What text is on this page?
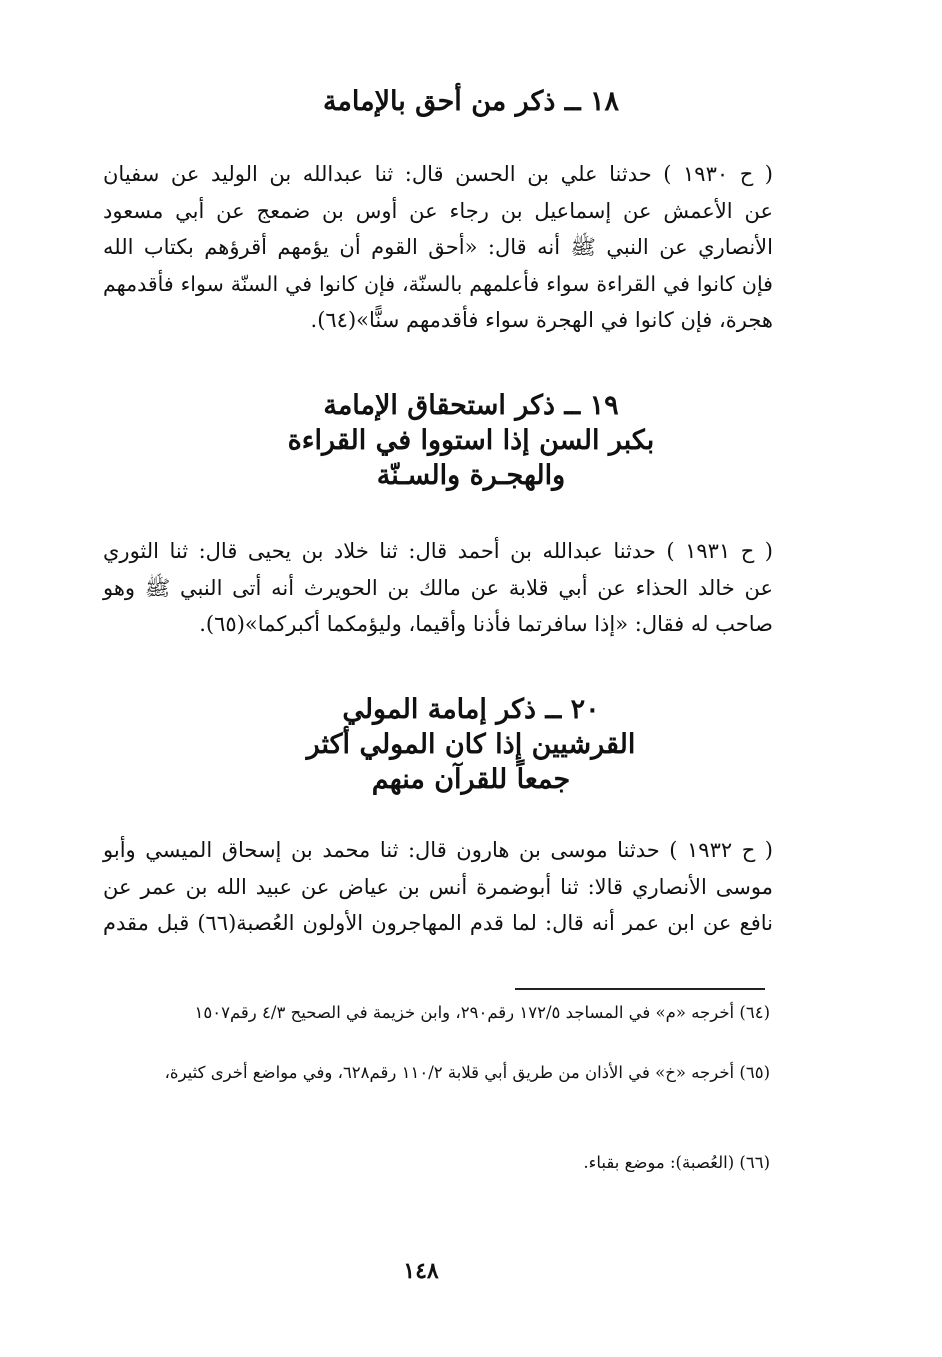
١٨ ــ ذكر من أحق بالإمامة
( ح ١٩٣٠ ) حدثنا علي بن الحسن قال: ثنا عبدالله بن الوليد عن سفيان
عن الأعمش عن إسماعيل بن رجاء عن أوس بن ضمعج عن أبي مسعود
الأنصاري عن النبي ﷺ أنه قال: «أحق القوم أن يؤمهم أقرؤهم بكتاب الله
فإن كانوا في القراءة سواء فأعلمهم بالسنّة، فإن كانوا في السنّة سواء فأقدمهم
هجرة، فإن كانوا في الهجرة سواء فأقدمهم سنًّا»(٦٤).
١٩ ــ ذكر استحقاق الإمامة
بكبر السن إذا استووا في القراءة
والهجـرة والسـنّة
( ح ١٩٣١ ) حدثنا عبدالله بن أحمد قال: ثنا خلاد بن يحيى قال: ثنا الثوري
عن خالد الحذاء عن أبي قلابة عن مالك بن الحويرث أنه أتى النبي ﷺ وهو
صاحب له فقال: «إذا سافرتما فأذنا وأقيما، وليؤمكما أكبركما»(٦٥).
٢٠ ــ ذكر إمامة المولي
القرشيين إذا كان المولي أكثر
جمعاً للقرآن منهم
( ح ١٩٣٢ ) حدثنا موسى بن هارون قال: ثنا محمد بن إسحاق الميسي وأبو
موسى الأنصاري قالا: ثنا أبوضمرة أنس بن عياض عن عبيد الله بن عمر عن
نافع عن ابن عمر أنه قال: لما قدم المهاجرون الأولون العُصبة(٦٦) قبل مقدم
(٦٤) أخرجه «م» في المساجد ١٧٢/٥ رقم٢٩٠، وابن خزيمة في الصحيح ٤/٣ رقم١٥٠٧
(٦٥) أخرجه «خ» في الأذان من طريق أبي قلابة ١١٠/٢ رقم٦٢٨، وفي مواضع أخرى كثيرة،
(٦٦) (العُصبة): موضع بقباء.
١٤٨
